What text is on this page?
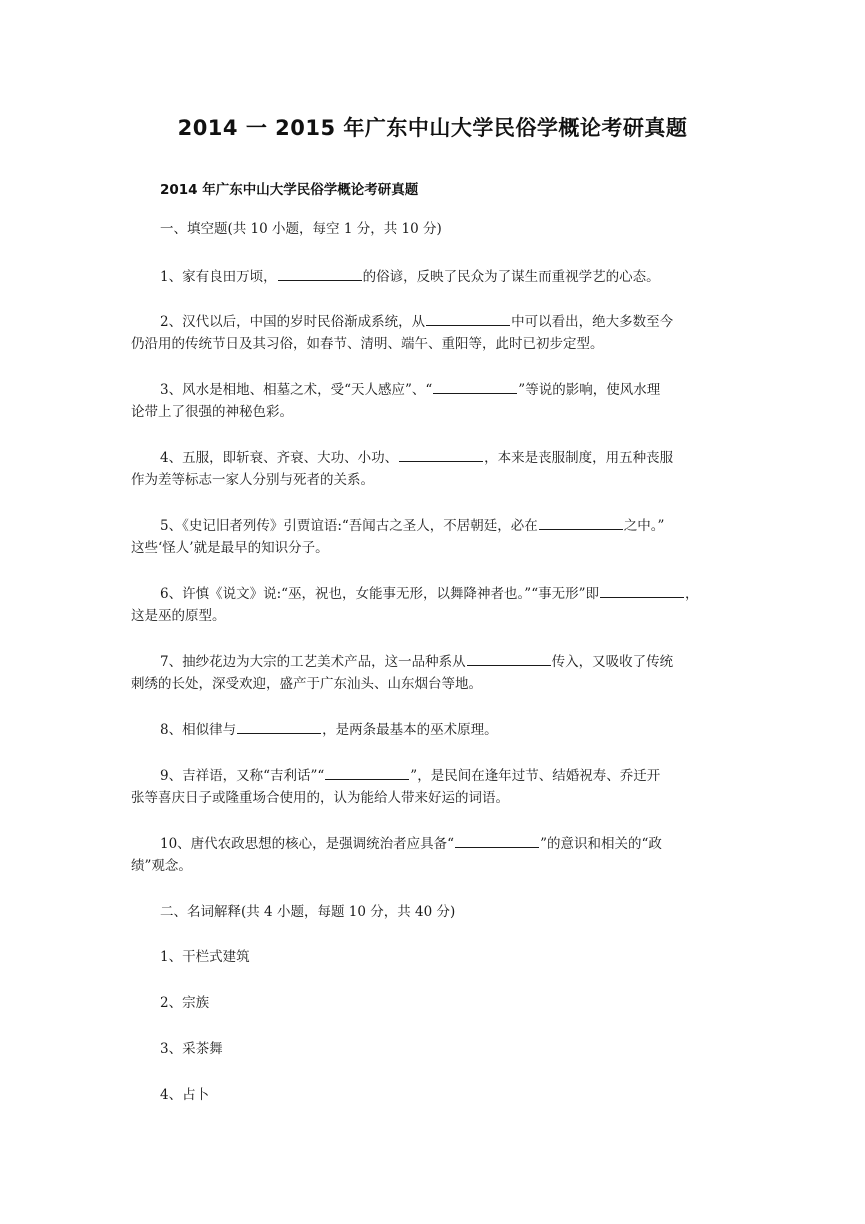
2014 一 2015 年广东中山大学民俗学概论考研真题
2014 年广东中山大学民俗学概论考研真题
一、填空题(共 10 小题，每空 1 分，共 10 分)
1、家有良田万顷，	的俗谚，反映了民众为了谋生而重视学艺的心态。
2、汉代以后，中国的岁时民俗渐成系统，从	中可以看出，绝大多数至今
仍沿用的传统节日及其习俗，如春节、清明、端午、重阳等，此时已初步定型。
3、风水是相地、相墓之术，受“天人感应”、“	”等说的影响，使风水理
论带上了很强的神秘色彩。
4、五服，即斩衰、齐衰、大功、小功、	，本来是丧服制度，用五种丧服
作为差等标志一家人分别与死者的关系。
5、《史记旧者列传》引贾谊语:“吾闻古之圣人，不居朝廷，必在	之中。”
这些‘怪人’就是最早的知识分子。
6、许慎《说文》说:“巫，祝也，女能事无形，以舞降神者也。”“事无形”即	，
这是巫的原型。
7、抽纱花边为大宗的工艺美术产品，这一品种系从	传入，又吸收了传统
刺绣的长处，深受欢迎，盛产于广东汕头、山东烟台等地。
8、相似律与	，是两条最基本的巫术原理。
9、吉祥语，又称“吉利话”“	”，是民间在逢年过节、结婚祝寿、乔迁开
张等喜庆日子或隆重场合使用的，认为能给人带来好运的词语。
10、唐代农政思想的核心，是强调统治者应具备“	”的意识和相关的“政
绩”观念。
二、名词解释(共 4 小题，每题 10 分，共 40 分)
1、干栏式建筑
2、宗族
3、采茶舞
4、占卜
